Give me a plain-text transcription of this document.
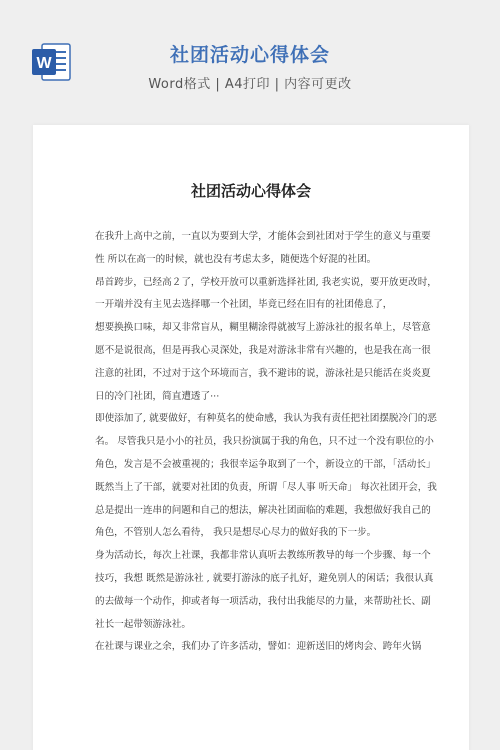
W	社团活动心得体会
Word格式 | A4打印 | 内容可更改
社团活动心得体会

在我升上高中之前，一直以为要到大学，才能体会到社团对于学生的意义与重要性 所以在高一的时候，就也没有考虑太多，随便选个好混的社团。

昂首跨步，已经高２了，学校开放可以重新选择社团, 我老实说，要开放更改时，一开端并没有主见去选择哪一个社团，毕竟已经在旧有的社团倦息了，

想要换换口味，却又非常盲从，糊里糊涂得就被写上游泳社的报名单上，尽管意愿不是说很高，但是再我心灵深处，我是对游泳非常有兴趣的，也是我在高一很注意的社团，不过对于这个环境而言，我不避讳的说，游泳社是只能活在炎炎夏日的冷门社团，简直遭透了···

即使添加了, 就要做好，有种莫名的使命感，我认为我有责任把社团摆脱冷门的恶名。 尽管我只是小小的社员，我只扮演属于我的角色，只不过一个没有职位的小角色，发言是不会被重视的；我很幸运争取到了一个，新设立的干部，「活动长」

既然当上了干部，就要对社团的负责，所谓「尽人事 听天命」 每次社团开会，我总是提出一连串的问题和自己的想法，解决社团面临的难题，我想做好我自己的角色，不管别人怎么看待， 我只是想尽心尽力的做好我的下一步。

身为活动长，每次上社课，我都非常认真听去教练所教导的每一个步骤、每一个技巧，我想 既然是游泳社 , 就要打游泳的底子扎好，避免别人的闲话；我很认真的去做每一个动作，抑或者每一项活动，我付出我能尽的力量，来帮助社长、副社长一起带领游泳社。

在社课与课业之余，我们办了许多活动，譬如：迎新送旧的烤肉会、跨年火锅
